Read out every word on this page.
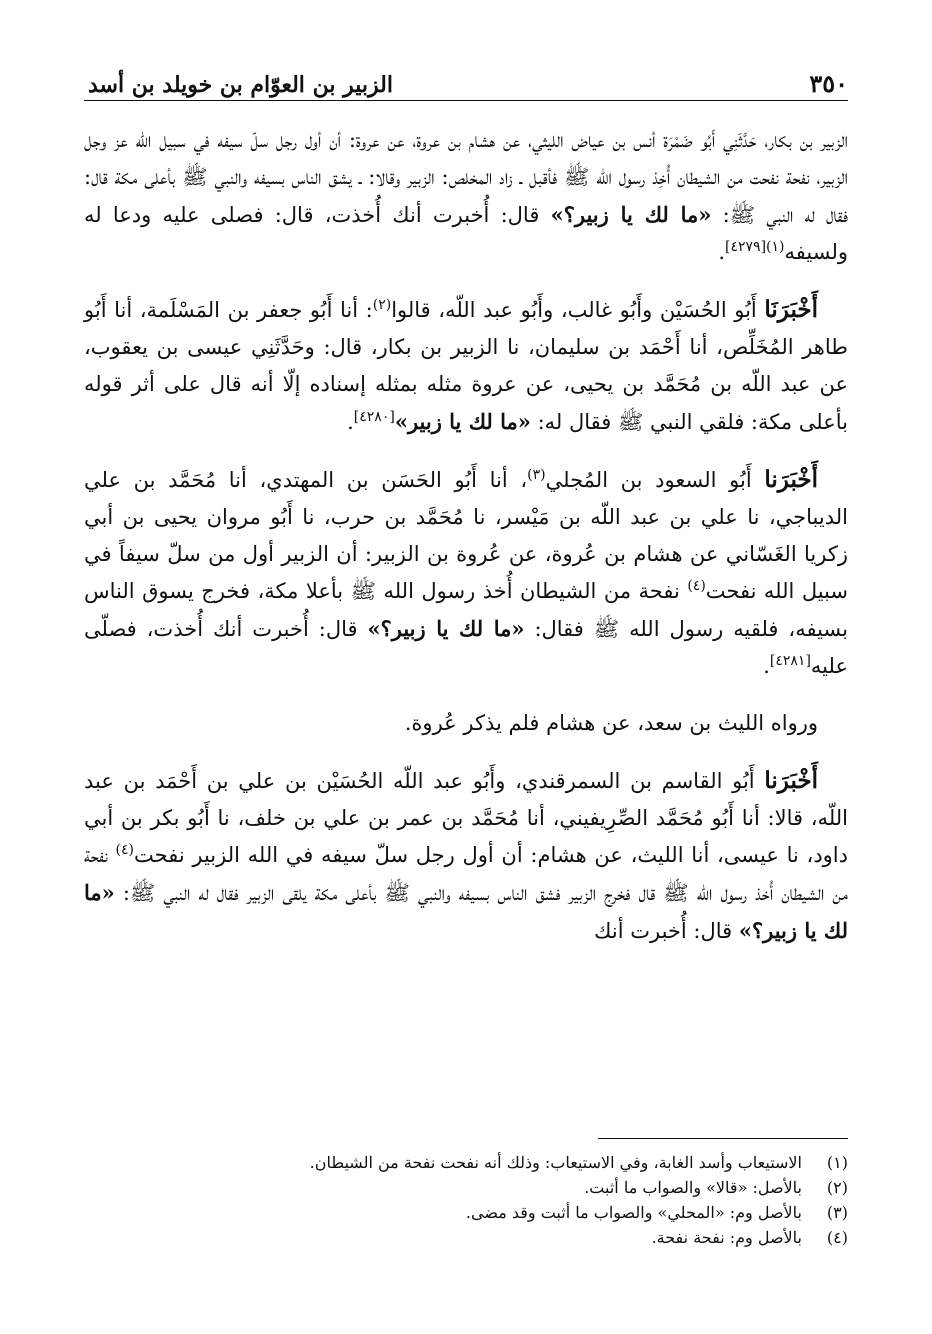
٣٥٠
الزبير بن العوّام بن خويلد بن أسد

الزبير بن بكار، حَدَّثَنِي أَبُو ضَمْرَة أنس بن عياض الليثي، عن هشام بن عروة، عن عروة: أن أول رجل سلّ سيفه في سبيل الله عز وجل الزبير، نفحة نفحت من الشيطان أُخِذ رسول الله ﷺ فأقبل ـ زاد المخلص: الزبير وقالا: ـ يشق الناس بسيفه والنبي ﷺ بأعلى مكة قال: فقال له النبي ﷺ: «ما لك يا زبير؟» قال: أُخبرت أنك أُخذت، قال: فصلى عليه ودعا له ولسيفه$^{(١)[٤٢٧٩]}$.

أَخْبَرَنَا أَبُو الحُسَيْن وأَبُو غالب، وأَبُو عبد اللّه، قالوا$^{(٢)}$: أنا أَبُو جعفر بن المَسْلَمة، أنا أَبُو طاهر المُخَلِّص، أنا أَحْمَد بن سليمان، نا الزبير بن بكار، قال: وحَدَّثَنِي عيسى بن يعقوب، عن عبد اللّه بن مُحَمَّد بن يحيى، عن عروة مثله بمثله إسناده إلّا أنه قال على أثر قوله بأعلى مكة: فلقي النبي ﷺ فقال له: «ما لك يا زبير»[٤٢٨٠].

أَخْبَرَنا أَبُو السعود بن المُجلي$^{(٣)}$، أنا أَبُو الحَسَن بن المهتدي، أنا مُحَمَّد بن علي الديباجي، نا علي بن عبد اللّه بن مَيْسر، نا مُحَمَّد بن حرب، نا أَبُو مروان يحيى بن أبي زكريا الغَسّاني عن هشام بن عُروة، عن عُروة بن الزبير: أن الزبير أول من سلّ سيفاً في سبيل الله نفحت$^{(٤)}$ نفحة من الشيطان أُخذ رسول الله ﷺ بأعلا مكة، فخرج يسوق الناس بسيفه، فلقيه رسول الله ﷺ فقال: «ما لك يا زبير؟» قال: أُخبرت أنك أُخذت، فصلّى عليه[٤٢٨١].

ورواه الليث بن سعد، عن هشام فلم يذكر عُروة.

أَخْبَرَنا أَبُو القاسم بن السمرقندي، وأَبُو عبد اللّه الحُسَيْن بن علي بن أَحْمَد بن عبد اللّه، قالا: أنا أَبُو مُحَمَّد الصِّرِيفيني، أنا مُحَمَّد بن عمر بن علي بن خلف، نا أَبُو بكر بن أبي داود، نا عيسى، أنا الليث، عن هشام: أن أول رجل سلّ سيفه في الله الزبير نفحت$^{(٤)}$ نفحة من الشيطان أُخذ رسول الله ﷺ قال فخرج الزبير فشق الناس بسيفه والنبي ﷺ بأعلى مكة يلقى الزبير فقال له النبي ﷺ: «ما لك يا زبير؟» قال: أُخبرت أنك

(١)
الاستيعاب وأسد الغابة، وفي الاستيعاب: وذلك أنه نفحت نفحة من الشيطان.
(٢)
بالأصل: «قالا» والصواب ما أثبت.
(٣)
بالأصل وم: «المحلي» والصواب ما أثبت وقد مضى.
(٤)
بالأصل وم: نفحة نفحة.
